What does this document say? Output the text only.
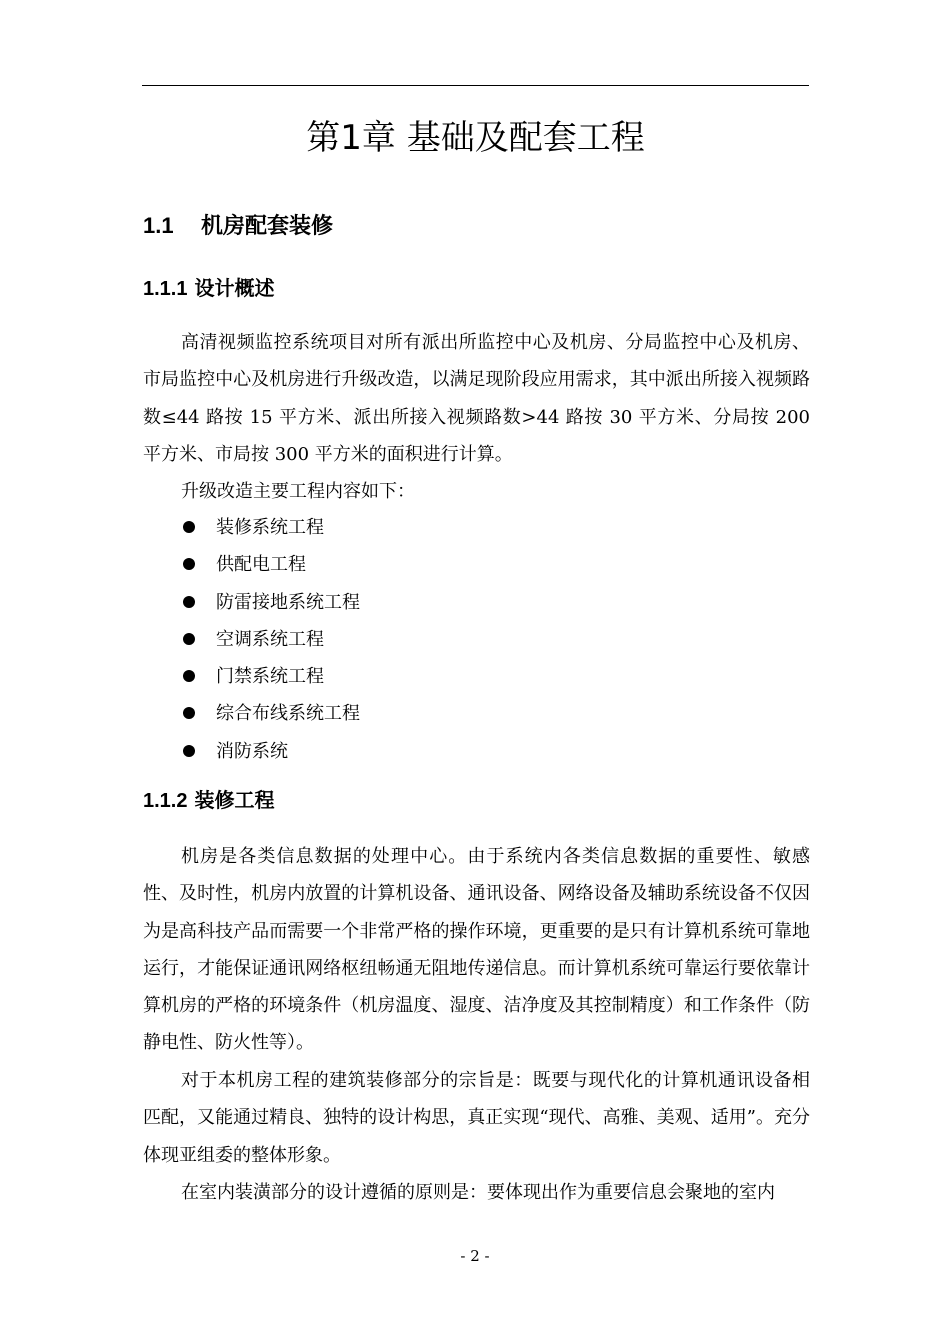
第1章 基础及配套工程
1.1 机房配套装修
1.1.1 设计概述

高清视频监控系统项目对所有派出所监控中心及机房、分局监控中心及机房、市局监控中心及机房进行升级改造，以满足现阶段应用需求，其中派出所接入视频路数≤44 路按 15 平方米、派出所接入视频路数>44 路按 30 平方米、分局按 200 平方米、市局按 300 平方米的面积进行计算。

升级改造主要工程内容如下：

装修系统工程
供配电工程
防雷接地系统工程
空调系统工程
门禁系统工程
综合布线系统工程
消防系统
1.1.2 装修工程

机房是各类信息数据的处理中心。由于系统内各类信息数据的重要性、敏感性、及时性，机房内放置的计算机设备、通讯设备、网络设备及辅助系统设备不仅因为是高科技产品而需要一个非常严格的操作环境，更重要的是只有计算机系统可靠地运行，才能保证通讯网络枢纽畅通无阻地传递信息。而计算机系统可靠运行要依靠计算机房的严格的环境条件（机房温度、湿度、洁净度及其控制精度）和工作条件（防静电性、防火性等）。

对于本机房工程的建筑装修部分的宗旨是：既要与现代化的计算机通讯设备相匹配，又能通过精良、独特的设计构思，真正实现“现代、高雅、美观、适用”。充分体现亚组委的整体形象。

在室内装潢部分的设计遵循的原则是：要体现出作为重要信息会聚地的室内

- 2 -
